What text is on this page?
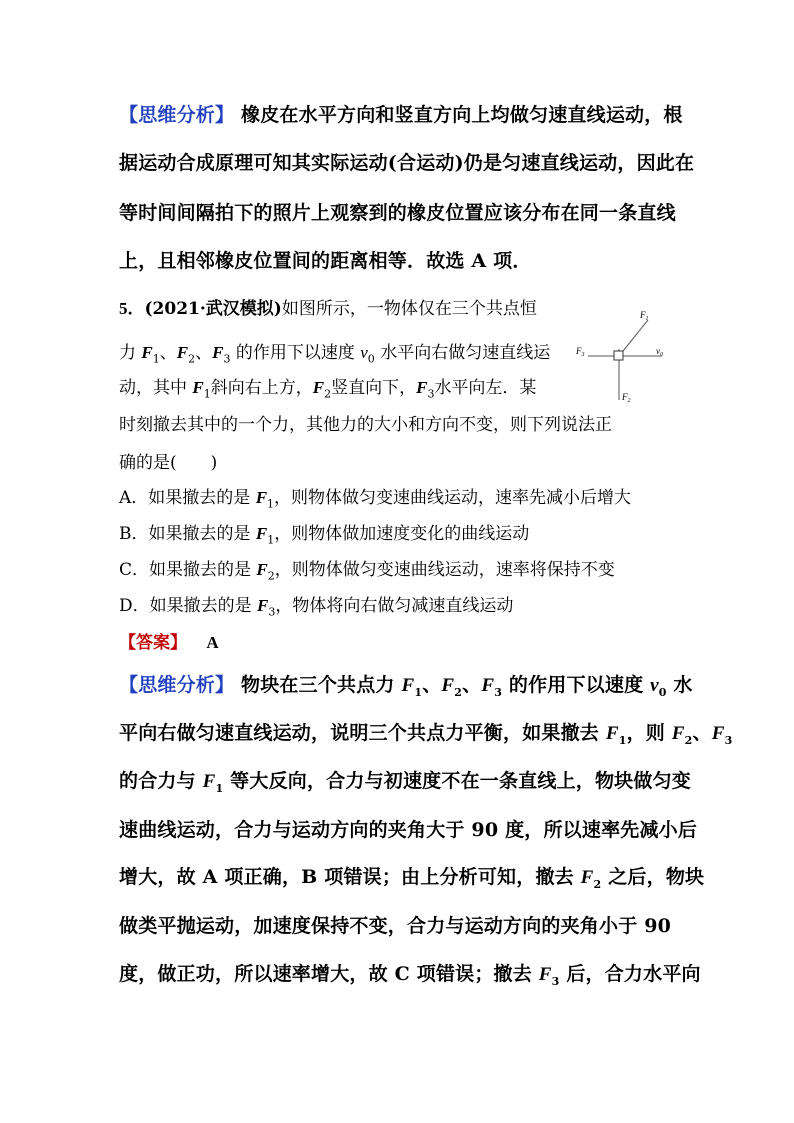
【思维分析】 橡皮在水平方向和竖直方向上均做匀速直线运动，根
据运动合成原理可知其实际运动(合运动)仍是匀速直线运动，因此在
等时间间隔拍下的照片上观察到的橡皮位置应该分布在同一条直线
上，且相邻橡皮位置间的距离相等．故选 A 项．
5．(2021·武汉模拟)如图所示，一物体仅在三个共点恒
力 $F_1$、$F_2$、$F_3$ 的作用下以速度 $v_0$ 水平向右做匀速直线运
动，其中 $F_1$斜向右上方，$F_2$竖直向下，$F_3$水平向左．某
时刻撤去其中的一个力，其他力的大小和方向不变，则下列说法正
确的是(　　)
$F_1$
$F_3$	$v_0$
$F_2$
A．如果撤去的是 $F_1$，则物体做匀变速曲线运动，速率先减小后增大
B．如果撤去的是 $F_1$，则物体做加速度变化的曲线运动
C．如果撤去的是 $F_2$，则物体做匀变速曲线运动，速率将保持不变
D．如果撤去的是 $F_3$，物体将向右做匀减速直线运动
【答案】 A
【思维分析】 物块在三个共点力 $F_1$、$F_2$、$F_3$ 的作用下以速度 $v_0$ 水
平向右做匀速直线运动，说明三个共点力平衡，如果撤去 $F_1$，则 $F_2$、$F_3$
的合力与 $F_1$ 等大反向，合力与初速度不在一条直线上，物块做匀变
速曲线运动，合力与运动方向的夹角大于 90 度，所以速率先减小后
增大，故 A 项正确，B 项错误；由上分析可知，撤去 $F_2$ 之后，物块
做类平抛运动，加速度保持不变，合力与运动方向的夹角小于 90
度，做正功，所以速率增大，故 C 项错误；撤去 $F_3$ 后，合力水平向
